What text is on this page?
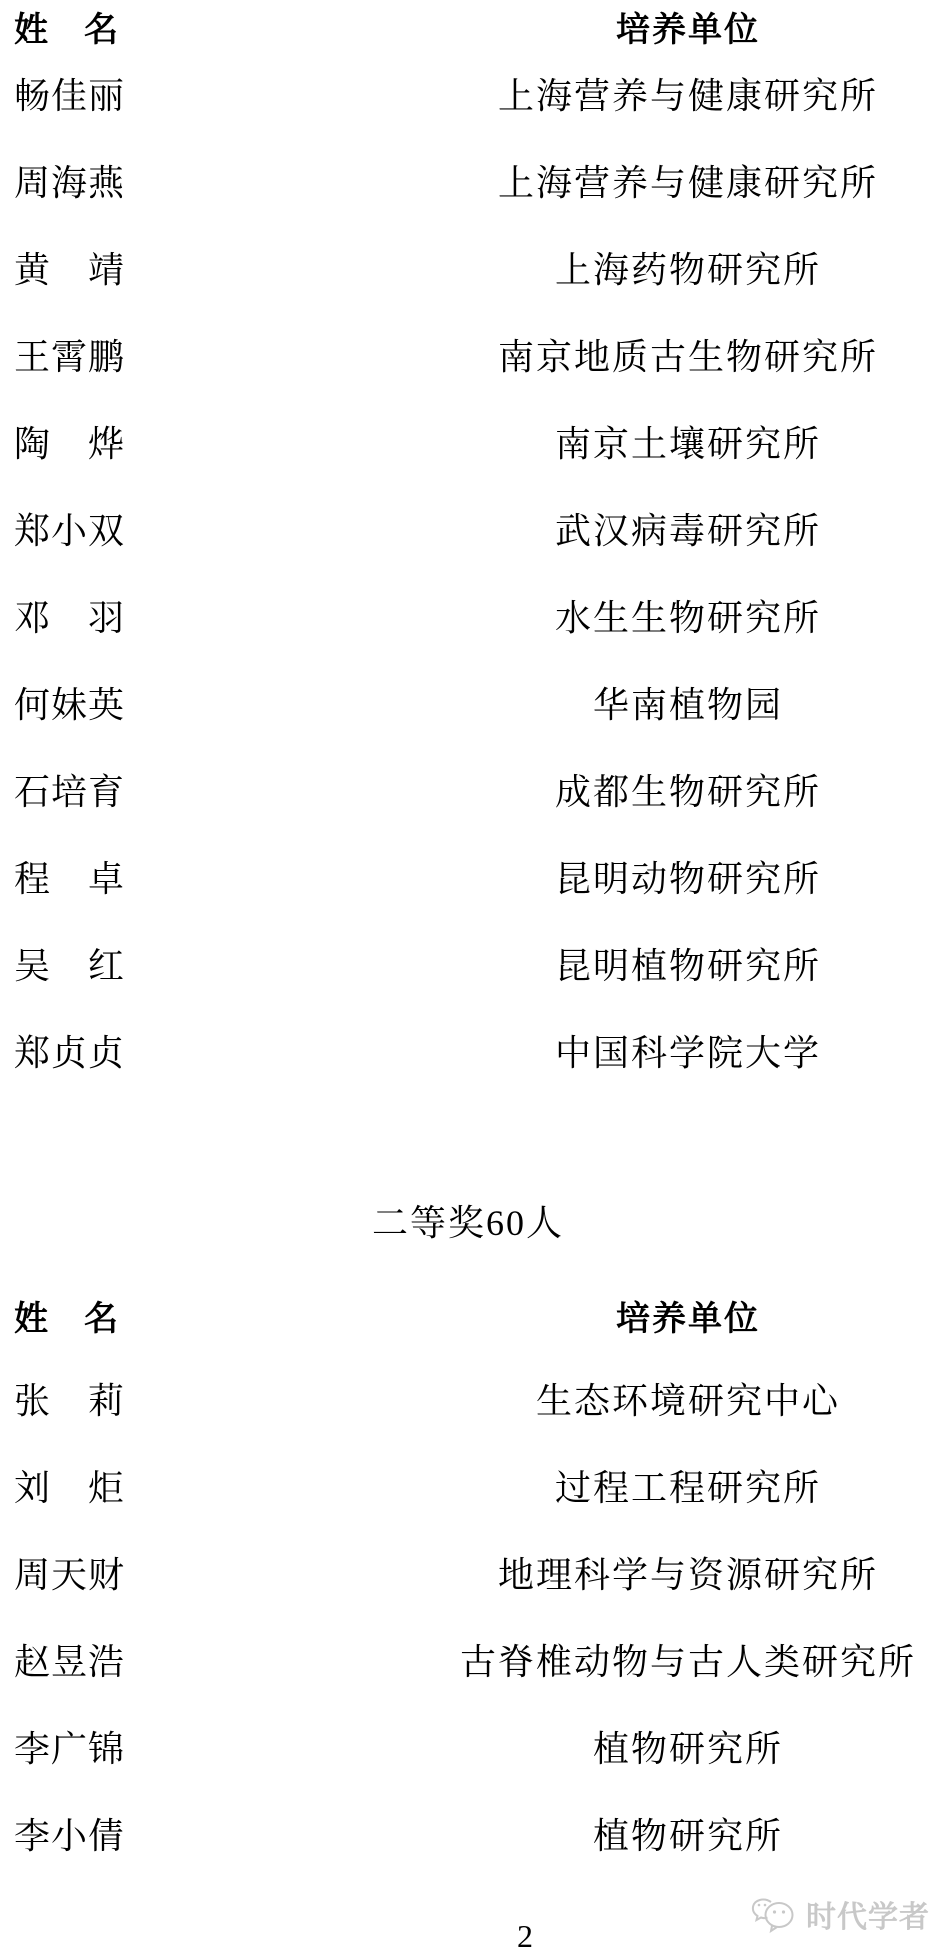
姓　名	培养单位
畅佳丽	上海营养与健康研究所
周海燕	上海营养与健康研究所
黄　靖	上海药物研究所
王霄鹏	南京地质古生物研究所
陶　烨	南京土壤研究所
郑小双	武汉病毒研究所
邓　羽	水生生物研究所
何妹英	华南植物园
石培育	成都生物研究所
程　卓	昆明动物研究所
吴　红	昆明植物研究所
郑贞贞	中国科学院大学
二等奖60人
姓　名	培养单位
张　莉	生态环境研究中心
刘　炬	过程工程研究所
周天财	地理科学与资源研究所
赵昱浩	古脊椎动物与古人类研究所
李广锦	植物研究所
李小倩	植物研究所
2
时代学者
